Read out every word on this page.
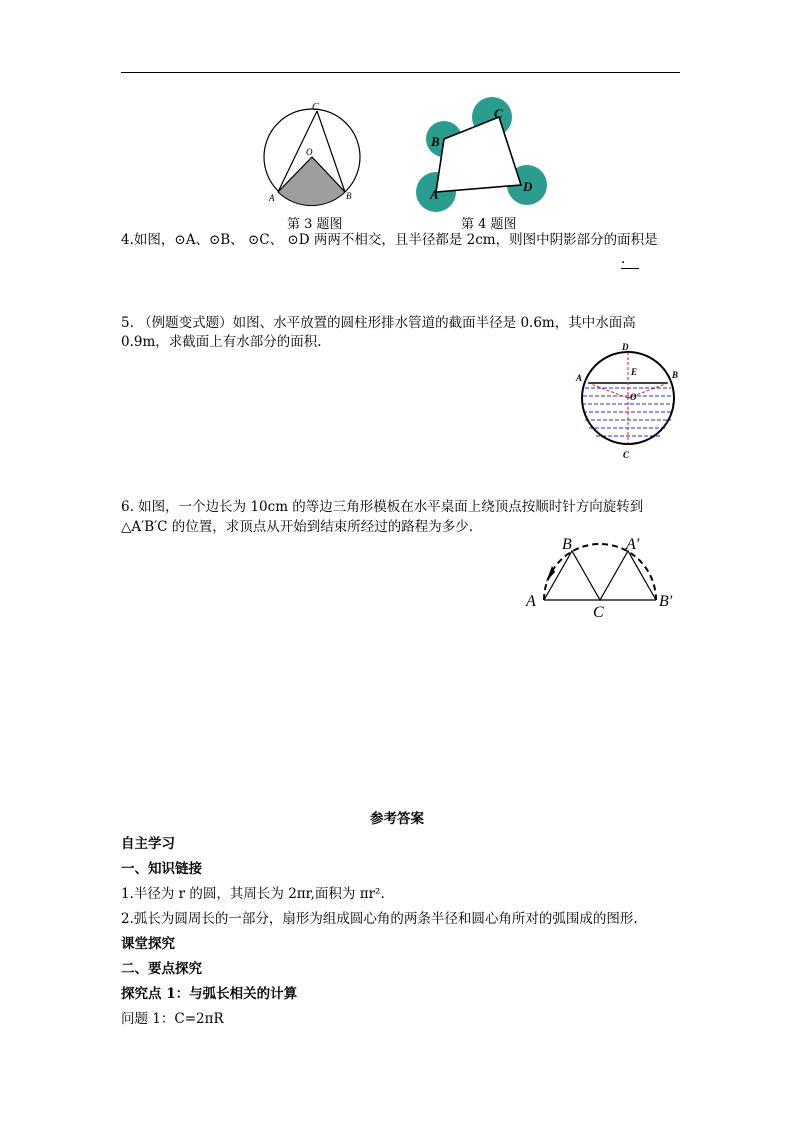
C
O
A	B
第 3 题图
A
B
C
D
第 4 题图
4.如图，⊙A、⊙B、 ⊙C、 ⊙D 两两不相交，且半径都是 2cm，则图中阴影部分的面积是
.
5. （例题变式题）如图、水平放置的圆柱形排水管道的截面半径是 0.6m，其中水面高
0.9m，求截面上有水部分的面积.	D
E
A	B
O
C
6. 如图，一个边长为 10cm 的等边三角形模板在水平桌面上绕顶点按顺时针方向旋转到
△A′B′C 的位置，求顶点从开始到结束所经过的路程为多少.
A
B	A′
C
B′
参考答案
自主学习
一、知识链接
1.半径为 r 的圆，其周长为 2πr,面积为 πr².
2.弧长为圆周长的一部分，扇形为组成圆心角的两条半径和圆心角所对的弧围成的图形.
课堂探究
二、要点探究
探究点 1：与弧长相关的计算
问题 1：C=2πR
